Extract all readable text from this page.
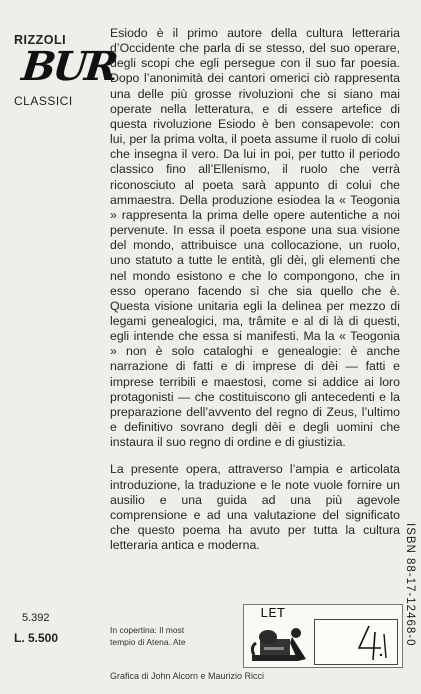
RIZZOLI
BUR
CLASSICI
5.392
L. 5.500

Esiodo è il primo autore della cultura letteraria d’Occidente che parla di se stesso, del suo operare, degli scopi che egli persegue con il suo far poesia. Dopo l’anonimità dei cantori omerici ciò rappresenta una delle più grosse rivoluzioni che si siano mai operate nella letteratura, e di essere artefice di questa rivoluzione Esiodo è ben consapevole: con lui, per la prima volta, il poeta assume il ruolo di colui che insegna il vero. Da lui in poi, per tutto il periodo classico fino all’Ellenismo, il ruolo che verrà riconosciuto al poeta sarà appunto di colui che ammaestra. Della produzione esiodea la « Teogonia » rappresenta la prima delle opere autentiche a noi pervenute. In essa il poeta espone una sua visione del mondo, attribuisce una collocazione, un ruolo, uno statuto a tutte le entità, gli dèi, gli elementi che nel mondo esistono e che lo compongono, che in esso operano facendo sì che sia quello che è. Questa visione unitaria egli la delinea per mezzo di legami genealogici, ma, trâmite e al di là di questi, egli intende che essa si manifesti. Ma la « Teogonia » non è solo cataloghi e genealogie: è anche narrazione di fatti e di imprese di dèi — fatti e imprese terribili e maestosi, come si addice ai loro protagonisti — che costituiscono gli antecedenti e la preparazione dell’avvento del regno di Zeus, l’ultimo e definitivo sovrano degli dèi e degli uomini che instaura il suo regno di ordine e di giustizia.

La presente opera, attraverso l’ampia e articolata introduzione, la traduzione e le note vuole fornire un ausilio e una guida ad una più agevole comprensione e ad una valutazione del significato che questo poema ha avuto per tutta la cultura letteraria antica e moderna.	ISBN 88-17-12468-0
In copertina: Il most
tempio di Atena. Ate
LET
Grafica di John Alcorn e Maurizio Ricci
